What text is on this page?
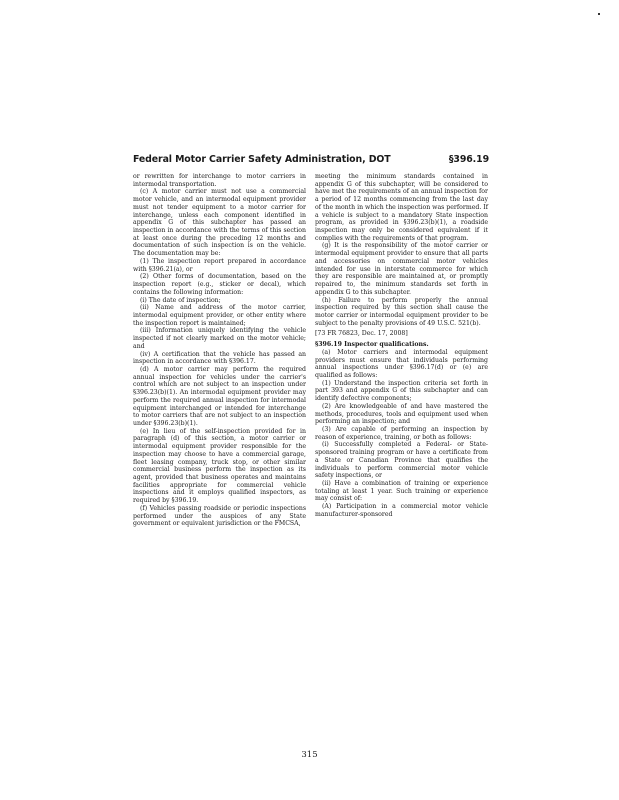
Federal Motor Carrier Safety Administration, DOT	§396.19

or rewritten for interchange to motor carriers in intermodal transportation.

(c) A motor carrier must not use a commercial motor vehicle, and an intermodal equipment provider must not tender equipment to a motor carrier for interchange, unless each component identified in appendix G of this subchapter has passed an inspection in accordance with the terms of this section at least once during the preceding 12 months and documentation of such inspection is on the vehicle. The documentation may be:

(1) The inspection report prepared in accordance with §396.21(a), or

(2) Other forms of documentation, based on the inspection report (e.g., sticker or decal), which contains the following information:

(i) The date of inspection;

(ii) Name and address of the motor carrier, intermodal equipment provider, or other entity where the inspection report is maintained;

(iii) Information uniquely identifying the vehicle inspected if not clearly marked on the motor vehicle; and

(iv) A certification that the vehicle has passed an inspection in accordance with §396.17.

(d) A motor carrier may perform the required annual inspection for vehicles under the carrier's control which are not subject to an inspection under §396.23(b)(1). An intermodal equipment provider may perform the required annual inspection for intermodal equipment interchanged or intended for interchange to motor carriers that are not subject to an inspection under §396.23(b)(1).

(e) In lieu of the self-inspection provided for in paragraph (d) of this section, a motor carrier or intermodal equipment provider responsible for the inspection may choose to have a commercial garage, fleet leasing company, truck stop, or other similar commercial business perform the inspection as its agent, provided that business operates and maintains facilities appropriate for commercial vehicle inspections and it employs qualified inspectors, as required by §396.19.

(f) Vehicles passing roadside or periodic inspections performed under the auspices of any State government or equivalent jurisdiction or the FMCSA,

meeting the minimum standards contained in appendix G of this subchapter, will be considered to have met the requirements of an annual inspection for a period of 12 months commencing from the last day of the month in which the inspection was performed. If a vehicle is subject to a mandatory State inspection program, as provided in §396.23(b)(1), a roadside inspection may only be considered equivalent if it complies with the requirements of that program.

(g) It is the responsibility of the motor carrier or intermodal equipment provider to ensure that all parts and accessories on commercial motor vehicles intended for use in interstate commerce for which they are responsible are maintained at, or promptly repaired to, the minimum standards set forth in appendix G to this subchapter.

(h) Failure to perform properly the annual inspection required by this section shall cause the motor carrier or intermodal equipment provider to be subject to the penalty provisions of 49 U.S.C. 521(b).

[73 FR 76823, Dec. 17, 2008]

§396.19 Inspector qualifications.

(a) Motor carriers and intermodal equipment providers must ensure that individuals performing annual inspections under §396.17(d) or (e) are qualified as follows:

(1) Understand the inspection criteria set forth in part 393 and appendix G of this subchapter and can identify defective components;

(2) Are knowledgeable of and have mastered the methods, procedures, tools and equipment used when performing an inspection; and

(3) Are capable of performing an inspection by reason of experience, training, or both as follows:

(i) Successfully completed a Federal- or State-sponsored training program or have a certificate from a State or Canadian Province that qualifies the individuals to perform commercial motor vehicle safety inspections, or

(ii) Have a combination of training or experience totaling at least 1 year. Such training or experience may consist of:

(A) Participation in a commercial motor vehicle manufacturer-sponsored

315
